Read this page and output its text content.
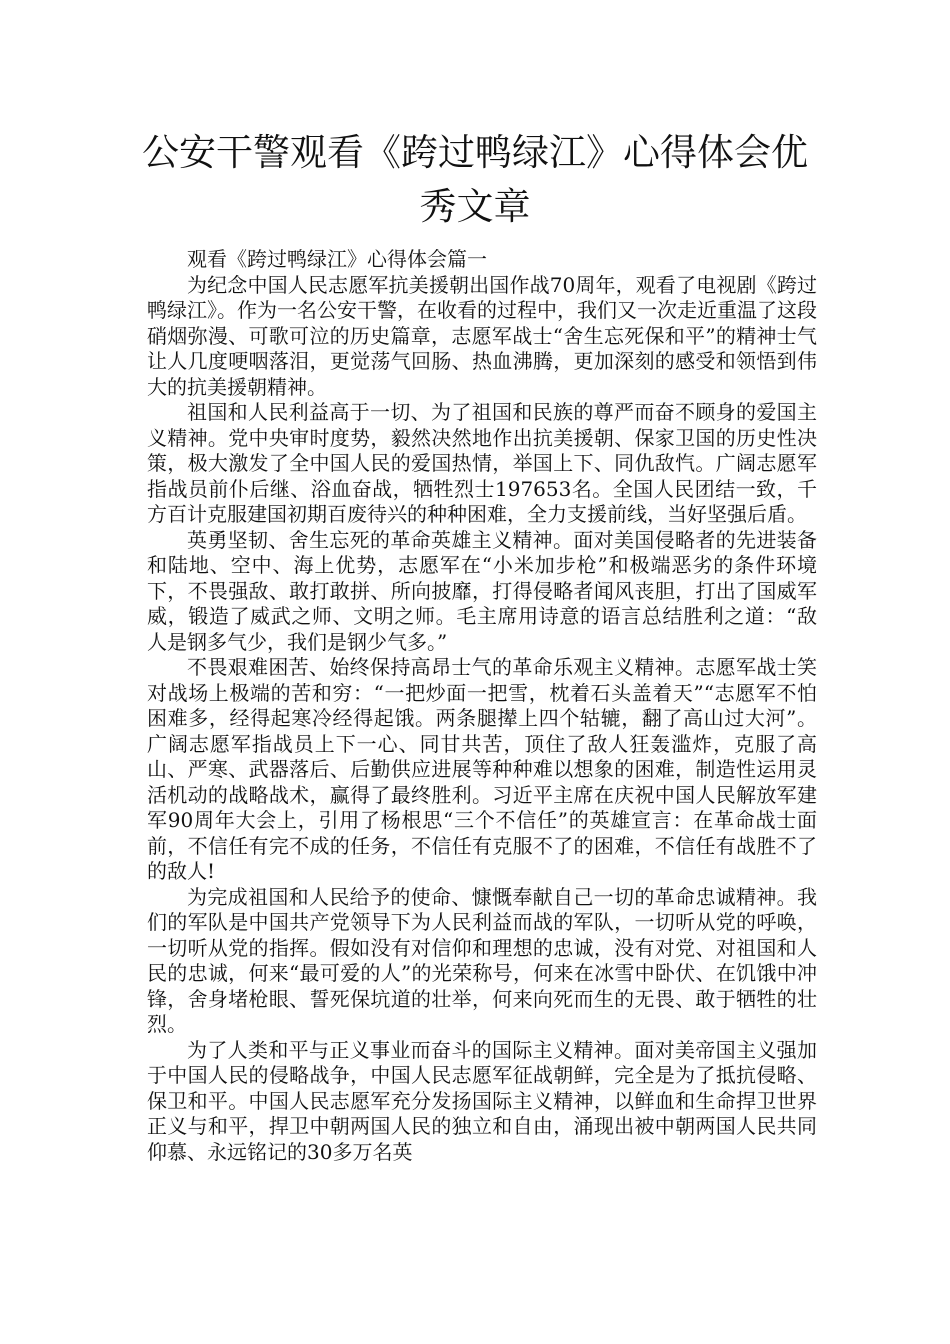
公安干警观看《跨过鸭绿江》心得体会优秀文章

观看《跨过鸭绿江》心得体会篇一

为纪念中国人民志愿军抗美援朝出国作战70周年，观看了电视剧《跨过鸭绿江》。作为一名公安干警，在收看的过程中，我们又一次走近重温了这段硝烟弥漫、可歌可泣的历史篇章，志愿军战士“舍生忘死保和平”的精神士气让人几度哽咽落泪，更觉荡气回肠、热血沸腾，更加深刻的感受和领悟到伟大的抗美援朝精神。

祖国和人民利益高于一切、为了祖国和民族的尊严而奋不顾身的爱国主义精神。党中央审时度势，毅然决然地作出抗美援朝、保家卫国的历史性决策，极大激发了全中国人民的爱国热情，举国上下、同仇敌忾。广阔志愿军指战员前仆后继、浴血奋战，牺牲烈士197653名。全国人民团结一致，千方百计克服建国初期百废待兴的种种困难，全力支援前线，当好坚强后盾。

英勇坚韧、舍生忘死的革命英雄主义精神。面对美国侵略者的先进装备和陆地、空中、海上优势，志愿军在“小米加步枪”和极端恶劣的条件环境下，不畏强敌、敢打敢拼、所向披靡，打得侵略者闻风丧胆，打出了国威军威，锻造了威武之师、文明之师。毛主席用诗意的语言总结胜利之道：“敌人是钢多气少，我们是钢少气多。”

不畏艰难困苦、始终保持高昂士气的革命乐观主义精神。志愿军战士笑对战场上极端的苦和穷：“一把炒面一把雪，枕着石头盖着天”“志愿军不怕困难多，经得起寒冷经得起饿。两条腿撵上四个轱辘，翻了高山过大河”。广阔志愿军指战员上下一心、同甘共苦，顶住了敌人狂轰滥炸，克服了高山、严寒、武器落后、后勤供应进展等种种难以想象的困难，制造性运用灵活机动的战略战术，赢得了最终胜利。习近平主席在庆祝中国人民解放军建军90周年大会上，引用了杨根思“三个不信任”的英雄宣言：在革命战士面前，不信任有完不成的任务，不信任有克服不了的困难，不信任有战胜不了的敌人!

为完成祖国和人民给予的使命、慷慨奉献自己一切的革命忠诚精神。我们的军队是中国共产党领导下为人民利益而战的军队，一切听从党的呼唤，一切听从党的指挥。假如没有对信仰和理想的忠诚，没有对党、对祖国和人民的忠诚，何来“最可爱的人”的光荣称号，何来在冰雪中卧伏、在饥饿中冲锋，舍身堵枪眼、誓死保坑道的壮举，何来向死而生的无畏、敢于牺牲的壮烈。

为了人类和平与正义事业而奋斗的国际主义精神。面对美帝国主义强加于中国人民的侵略战争，中国人民志愿军征战朝鲜，完全是为了抵抗侵略、保卫和平。中国人民志愿军充分发扬国际主义精神，以鲜血和生命捍卫世界正义与和平，捍卫中朝两国人民的独立和自由，涌现出被中朝两国人民共同仰慕、永远铭记的30多万名英
